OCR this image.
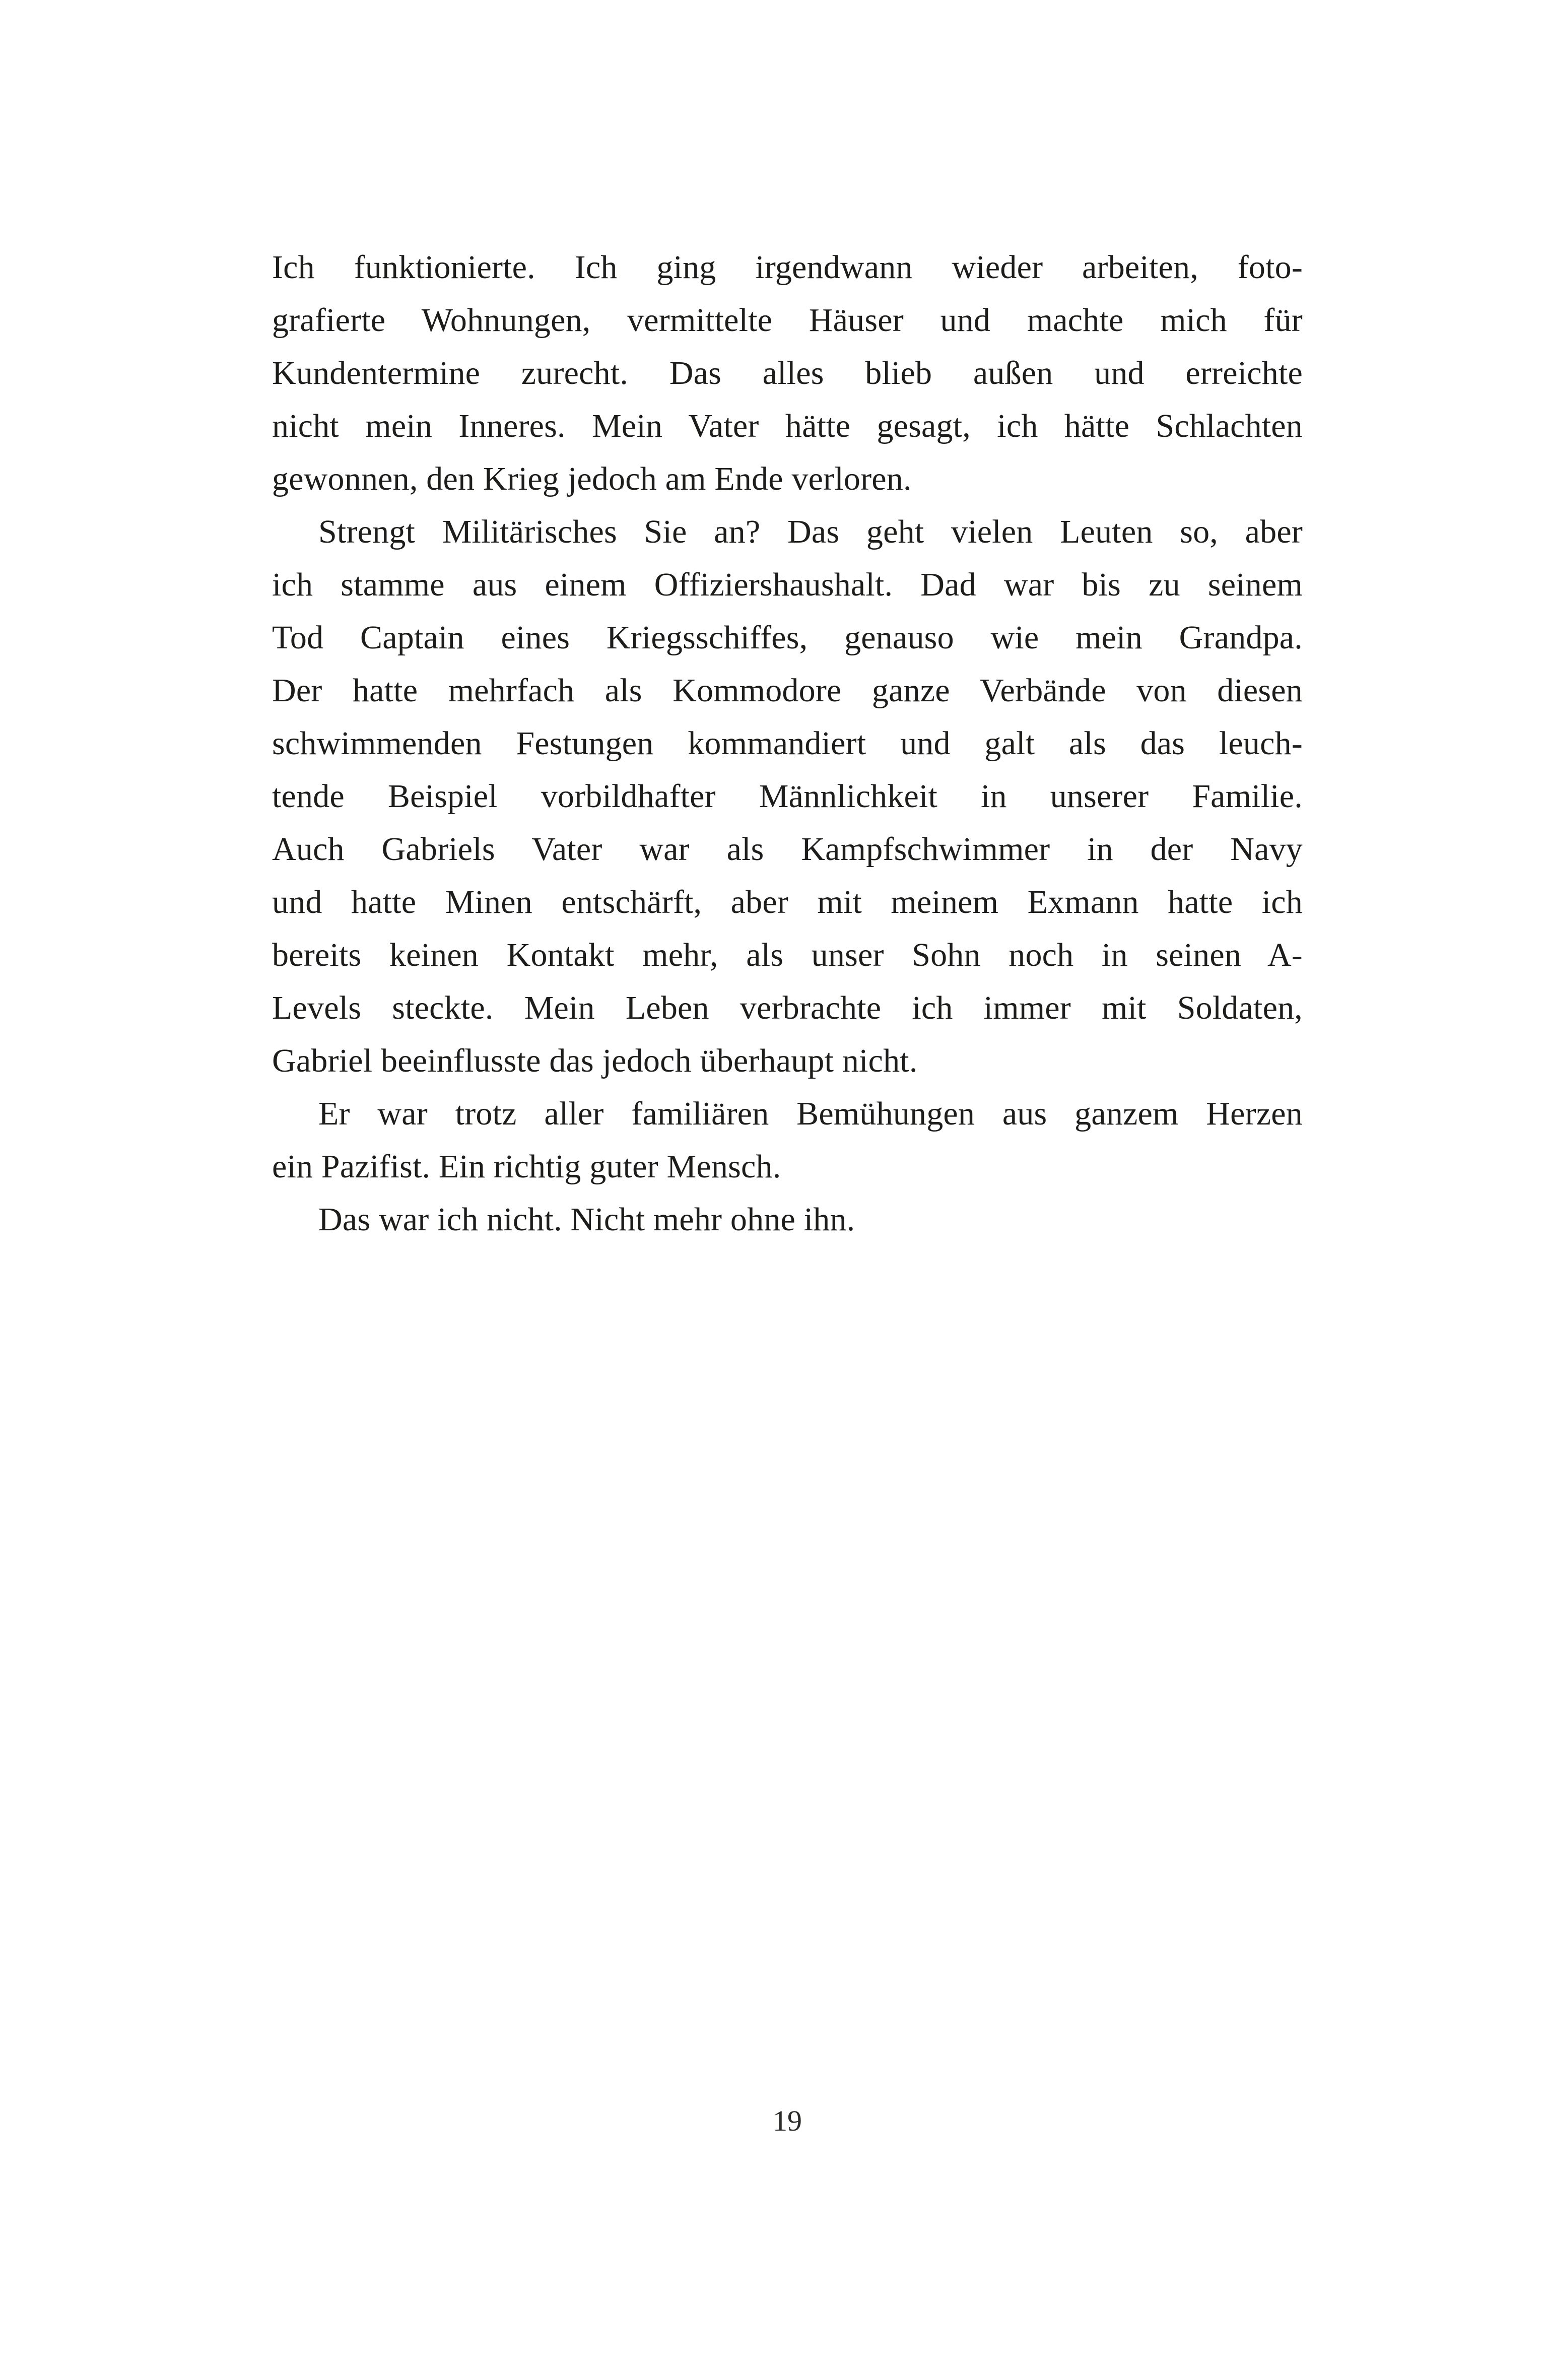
Ich funktionierte. Ich ging irgendwann wieder arbeiten, foto-
grafierte Wohnungen, vermittelte Häuser und machte mich für
Kundentermine zurecht. Das alles blieb außen und erreichte
nicht mein Inneres. Mein Vater hätte gesagt, ich hätte Schlachten
gewonnen, den Krieg jedoch am Ende verloren.
Strengt Militärisches Sie an? Das geht vielen Leuten so, aber
ich stamme aus einem Offiziershaushalt. Dad war bis zu seinem
Tod Captain eines Kriegsschiffes, genauso wie mein Grandpa.
Der hatte mehrfach als Kommodore ganze Verbände von diesen
schwimmenden Festungen kommandiert und galt als das leuch-
tende Beispiel vorbildhafter Männlichkeit in unserer Familie.
Auch Gabriels Vater war als Kampfschwimmer in der Navy
und hatte Minen entschärft, aber mit meinem Exmann hatte ich
bereits keinen Kontakt mehr, als unser Sohn noch in seinen A-
Levels steckte. Mein Leben verbrachte ich immer mit Soldaten,
Gabriel beeinflusste das jedoch überhaupt nicht.
Er war trotz aller familiären Bemühungen aus ganzem Herzen
ein Pazifist. Ein richtig guter Mensch.
Das war ich nicht. Nicht mehr ohne ihn.
19
